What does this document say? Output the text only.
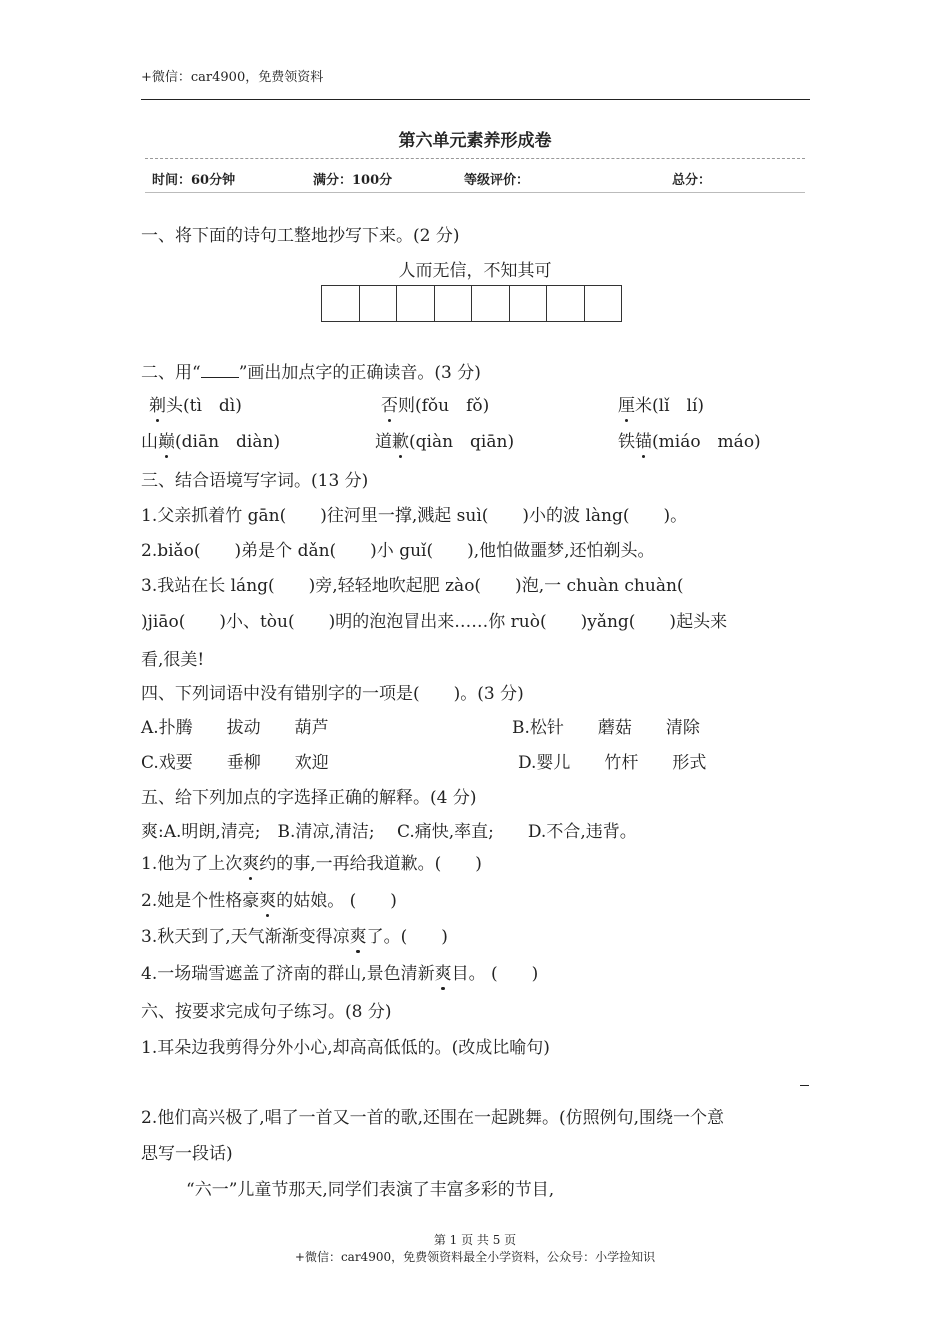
+微信：car4900，免费领资料
第六单元素养形成卷
时间：60分钟	满分：100分	等级评价：	总分：
一、将下面的诗句工整地抄写下来。(2 分)
人而无信，不知其可
二、用“ ”画出加点字的正确读音。(3 分)
剃头(tì　dì)	否则(fǒu　fǒ)	厘米(lǐ　lí)
山巅(diān　diàn)	道歉(qiàn　qiān)	铁锚(miáo　máo)
三、结合语境写字词。(13 分)
1.父亲抓着竹 gān(　　)往河里一撑,溅起 suì(　　)小的波 làng(　　)。
2.biǎo(　　)弟是个 dǎn(　　)小 guǐ(　　),他怕做噩梦,还怕剃头。
3.我站在长 láng(　　)旁,轻轻地吹起肥 zào(　　)泡,一 chuàn chuàn(
)jiāo(　　)小、tòu(　　)明的泡泡冒出来……你 ruò(　　)yǎng(　　)起头来
看,很美!
四、下列词语中没有错别字的一项是(　　)。(3 分)
A.扑腾　　拔动　　葫芦	B.松针　　蘑菇　　清除
C.戏要　　垂柳　　欢迎	D.婴儿　　竹杆　　形式
五、给下列加点的字选择正确的解释。(4 分)
爽:A.明朗,清亮;　B.清凉,清洁;　 C.痛快,率直;　　D.不合,违背。
1.他为了上次爽约的事,一再给我道歉。(　　)
2.她是个性格豪爽的姑娘。 (　　)
3.秋天到了,天气渐渐变得凉爽了。(　　)
4.一场瑞雪遮盖了济南的群山,景色清新爽目。 (　　)
六、按要求完成句子练习。(8 分)
1.耳朵边我剪得分外小心,却高高低低的。(改成比喻句)
2.他们高兴极了,唱了一首又一首的歌,还围在一起跳舞。(仿照例句,围绕一个意
思写一段话)
“六一”儿童节那天,同学们表演了丰富多彩的节目,
第 1 页 共 5 页
+微信：car4900，免费领资料最全小学资料，公众号：小学捡知识
